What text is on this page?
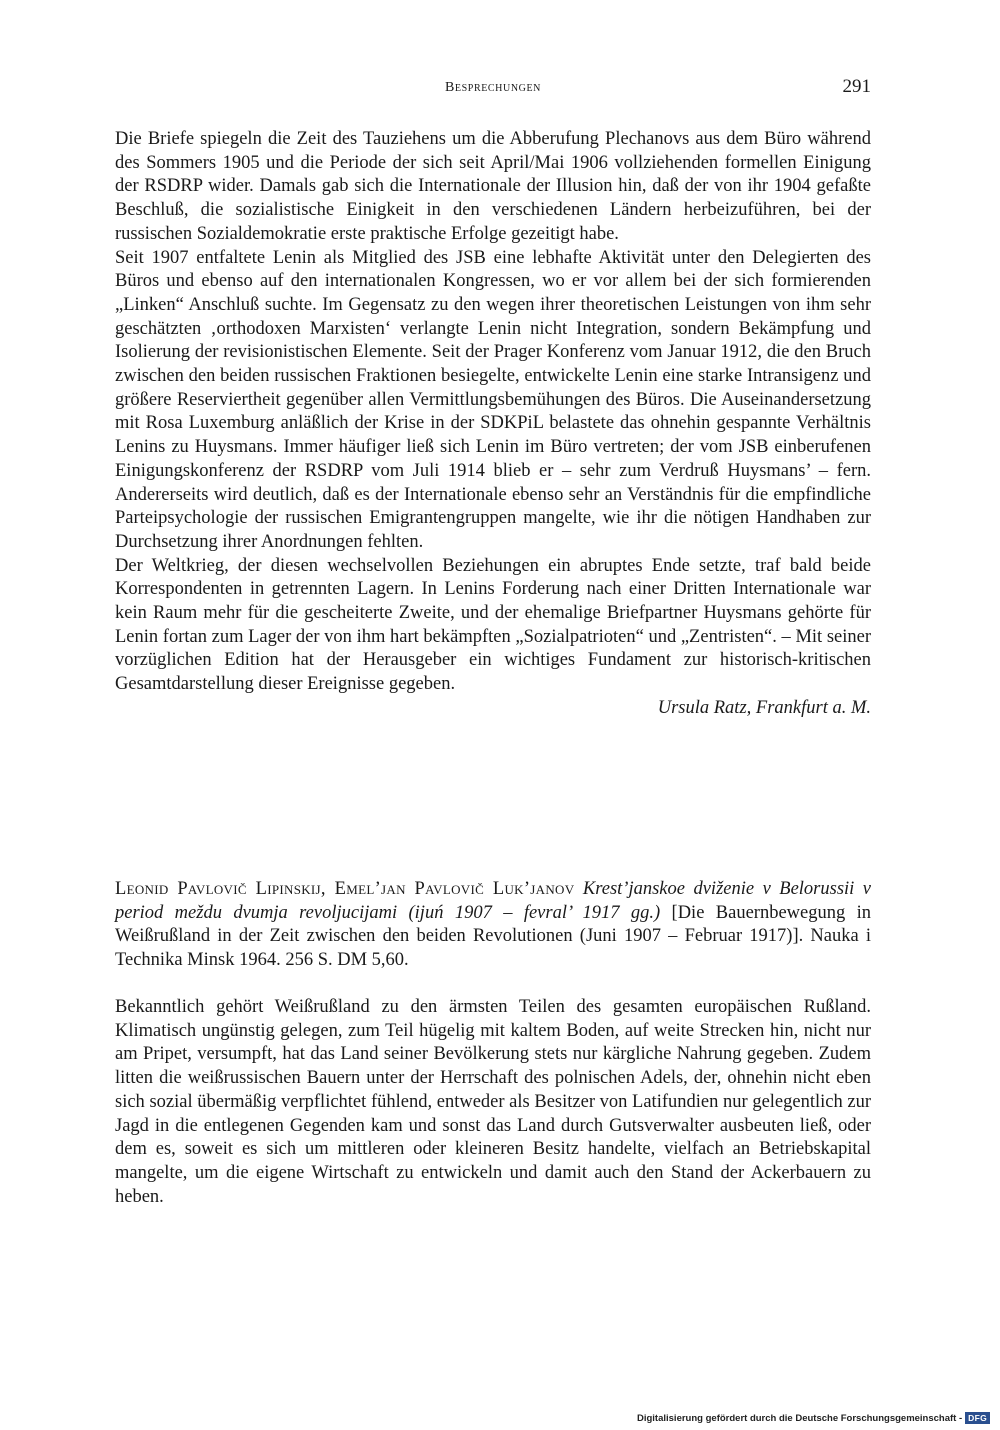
Besprechungen	291

Die Briefe spiegeln die Zeit des Tauziehens um die Abberufung Plechanovs aus dem Büro während des Sommers 1905 und die Periode der sich seit April/Mai 1906 vollziehenden formellen Einigung der RSDRP wider. Damals gab sich die Internationale der Illusion hin, daß der von ihr 1904 gefaßte Beschluß, die sozialistische Einigkeit in den verschiedenen Ländern herbeizuführen, bei der russischen Sozialdemokratie erste praktische Erfolge gezeitigt habe.

Seit 1907 entfaltete Lenin als Mitglied des JSB eine lebhafte Aktivität unter den Delegierten des Büros und ebenso auf den internationalen Kongressen, wo er vor allem bei der sich formierenden „Linken“ Anschluß suchte. Im Gegensatz zu den wegen ihrer theoretischen Leistungen von ihm sehr geschätzten ‚orthodoxen Marxisten‘ verlangte Lenin nicht Integration, sondern Bekämpfung und Isolierung der revisionistischen Elemente. Seit der Prager Konferenz vom Januar 1912, die den Bruch zwischen den beiden russischen Fraktionen besiegelte, entwickelte Lenin eine starke Intransigenz und größere Reserviertheit gegenüber allen Vermittlungsbemühungen des Büros. Die Auseinandersetzung mit Rosa Luxemburg anläßlich der Krise in der SDKPiL belastete das ohnehin gespannte Verhältnis Lenins zu Huysmans. Immer häufiger ließ sich Lenin im Büro vertreten; der vom JSB einberufenen Einigungskonferenz der RSDRP vom Juli 1914 blieb er – sehr zum Verdruß Huysmans’ – fern. Andererseits wird deutlich, daß es der Internationale ebenso sehr an Verständnis für die empfindliche Parteipsychologie der russischen Emigrantengruppen mangelte, wie ihr die nötigen Handhaben zur Durchsetzung ihrer Anordnungen fehlten.

Der Weltkrieg, der diesen wechselvollen Beziehungen ein abruptes Ende setzte, traf bald beide Korrespondenten in getrennten Lagern. In Lenins Forderung nach einer Dritten Internationale war kein Raum mehr für die gescheiterte Zweite, und der ehemalige Briefpartner Huysmans gehörte für Lenin fortan zum Lager der von ihm hart bekämpften „Sozialpatrioten“ und „Zentristen“. – Mit seiner vorzüglichen Edition hat der Herausgeber ein wichtiges Fundament zur historisch-kritischen Gesamtdarstellung dieser Ereignisse gegeben.

Ursula Ratz, Frankfurt a. M.

Leonid Pavlovič Lipinskij, Emel’jan Pavlovič Luk’janov Krest’janskoe dviženie v Belorussii v period meždu dvumja revoljucijami (ijuń 1907 – fevral’ 1917 gg.) [Die Bauernbewegung in Weißrußland in der Zeit zwischen den beiden Revolutionen (Juni 1907 – Februar 1917)]. Nauka i Technika Minsk 1964. 256 S. DM 5,60.

Bekanntlich gehört Weißrußland zu den ärmsten Teilen des gesamten europäischen Rußland. Klimatisch ungünstig gelegen, zum Teil hügelig mit kaltem Boden, auf weite Strecken hin, nicht nur am Pripet, versumpft, hat das Land seiner Bevölkerung stets nur kärgliche Nahrung gegeben. Zudem litten die weißrussischen Bauern unter der Herrschaft des polnischen Adels, der, ohnehin nicht eben sich sozial übermäßig verpflichtet fühlend, entweder als Besitzer von Latifundien nur gelegentlich zur Jagd in die entlegenen Gegenden kam und sonst das Land durch Gutsverwalter ausbeuten ließ, oder dem es, soweit es sich um mittleren oder kleineren Besitz handelte, vielfach an Betriebskapital mangelte, um die eigene Wirtschaft zu entwickeln und damit auch den Stand der Ackerbauern zu heben.

Digitalisierung gefördert durch die Deutsche Forschungsgemeinschaft - DFG
